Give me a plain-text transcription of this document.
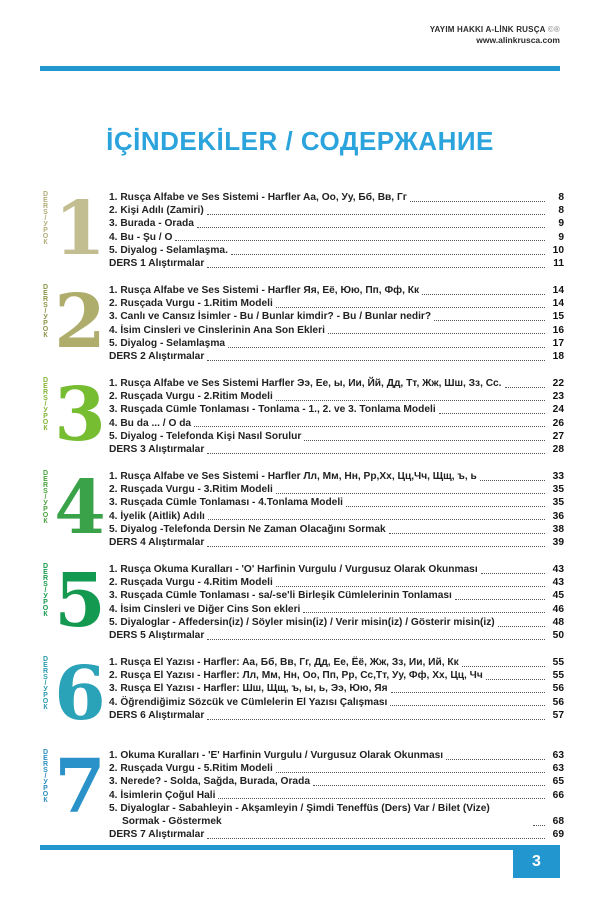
YAYIM HAKKI A-LİNK RUSÇA ©®
www.alinkrusca.com
İÇİNDEKİLER / СОДЕРЖАНИЕ
DERS/УРОК 1 1. Rusça Alfabe ve Ses Sistemi - Harfler Aa, Oo, Уу, Бб, Вв, Гг	8
2. Kişi Adılı (Zamiri)	8
3. Burada - Orada	9
4. Bu - Şu / O	9
5. Diyalog - Selamlaşma.	10
DERS 1 Alıştırmalar	11
DERS/УРОК 2 1. Rusça Alfabe ve Ses Sistemi - Harfler Яя, Её, Юю, Пп, Фф, Кк	14
2. Rusçada Vurgu - 1.Ritim Modeli	14
3. Canlı ve Cansız İsimler - Bu / Bunlar kimdir? - Bu / Bunlar nedir?	15
4. İsim Cinsleri ve Cinslerinin Ana Son Ekleri	16
5. Diyalog - Selamlaşma	17
DERS 2 Alıştırmalar	18
DERS/УРОК 3 1. Rusça Alfabe ve Ses Sistemi Harfler Ээ, Ее, ы, Ии, Йй, Дд, Тт, Жж, Шш, Зз, Сс.	22
2. Rusçada Vurgu - 2.Ritim Modeli	23
3. Rusçada Cümle Tonlaması - Tonlama - 1., 2. ve 3. Tonlama Modeli	24
4. Bu da ... / O da	26
5. Diyalog - Telefonda Kişi Nasıl Sorulur	27
DERS 3 Alıştırmalar	28
DERS/УРОК 4 1. Rusça Alfabe ve Ses Sistemi - Harfler Лл, Мм, Нн, Рр,Хх, Цц,Чч, Щщ, ъ, ь	33
2. Rusçada Vurgu - 3.Ritim Modeli	35
3. Rusçada Cümle Tonlaması - 4.Tonlama Modeli	35
4. İyelik (Aitlik) Adılı	36
5. Diyalog -Telefonda Dersin Ne Zaman Olacağını Sormak	38
DERS 4 Alıştırmalar	39
DERS/УРОК 5 1. Rusça Okuma Kuralları - 'O' Harfinin Vurgulu / Vurgusuz Olarak Okunması	43
2. Rusçada Vurgu - 4.Ritim Modeli	43
3. Rusçada Cümle Tonlaması - sa/-se'li Birleşik Cümlelerinin Tonlaması	45
4. İsim Cinsleri ve Diğer Cins Son ekleri	46
5. Diyaloglar - Affedersin(iz) / Söyler misin(iz) / Verir misin(iz) / Gösterir misin(iz)	48
DERS 5 Alıştırmalar	50
DERS/УРОК 6 1. Rusça El Yazısı - Harfler: Aa, Бб, Вв, Гг, Дд, Ее, Ёё, Жж, Зз, Ии, Ий, Кк	55
2. Rusça El Yazısı - Harfler: Лл, Мм, Нн, Оо, Пп, Рр, Сс,Тт, Уу, Фф, Хх, Цц, Чч	55
3. Rusça El Yazısı - Harfler: Шш, Щщ, ъ, ы, ь, Ээ, Юю, Яя	56
4. Öğrendiğimiz Sözcük ve Cümlelerin El Yazısı Çalışması	56
DERS 6 Alıştırmalar	57
DERS/УРОК 7 1. Okuma Kuralları - 'E' Harfinin Vurgulu / Vurgusuz Olarak Okunması	63
2. Rusçada Vurgu - 5.Ritim Modeli	63
3. Nerede? - Solda, Sağda, Burada, Orada	65
4. İsimlerin Çoğul Hali	66
5. Diyaloglar - Sabahleyin - Akşamleyin / Şimdi Teneffüs (Ders) Var / Bilet (Vize) Sormak - Göstermek	68
DERS 7 Alıştırmalar	69
3
